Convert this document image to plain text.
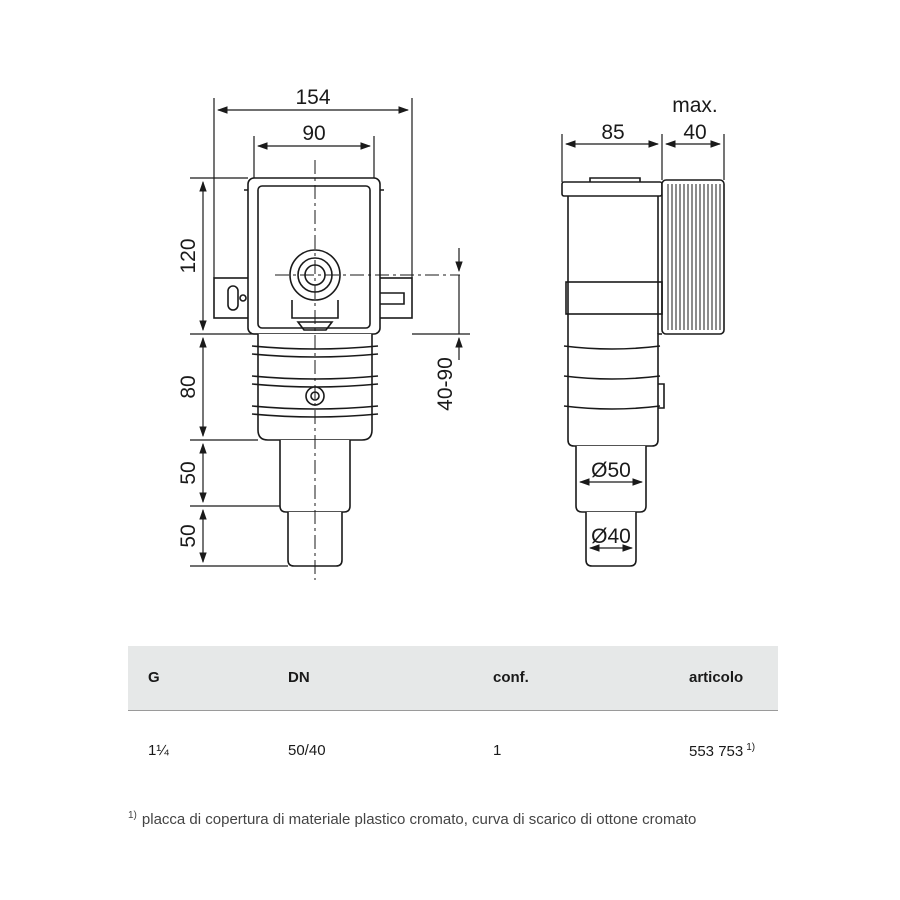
154
90
120
80
50
50
40-90
85
max.
40
Ø50
Ø40
G	DN	conf.	articolo
1¼	50/40	1	553 753 $^{1)}$
$^{1)}$ placca di copertura di materiale plastico cromato, curva di scarico di ottone cromato
